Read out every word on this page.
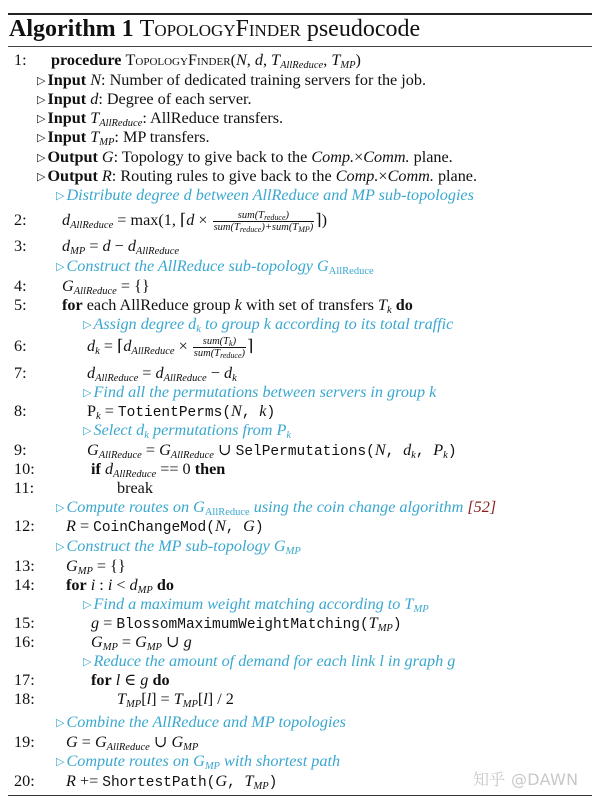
Algorithm 1 TopologyFinder pseudocode
1:	procedure TopologyFinder(N, d, $T_{AllReduce}$, $T_{MP}$)
▷ Input N: Number of dedicated training servers for the job.
▷ Input d: Degree of each server.
▷ Input $T_{AllReduce}$: AllReduce transfers.
▷ Input $T_{MP}$: MP transfers.
▷ Output G: Topology to give back to the Comp.×Comm. plane.
▷ Output R: Routing rules to give back to the Comp.×Comm. plane.
▷ Distribute degree d between AllReduce and MP sub-topologies
2:	$d_{AllReduce} = \max(1$, ⌈d × $\frac{sum(T_{reduce})}{sum(T_{reduce})+sum(T_{MP})}$ ⌉)
3:	$d_{MP} = d - d_{AllReduce}$
▷ Construct the AllReduce sub-topology $G_{AllReduce}$
4:	$G_{AllReduce}$ = {}
5:	for each AllReduce group k with set of transfers $T_k$ do
▷ Assign degree $d_k$ to group k according to its total traffic
6:	$d_k$ = $⌈d_{AllReduce} \times \frac{sum(T_k)}{sum(T_{reduce})}$ ⌉
7:	$d_{AllReduce} = d_{AllReduce} - d_k$
▷ Find all the permutations between servers in group k
8:	$P_k$ = TotientPerms(N, k)
▷ Select $d_k$ permutations from $P_k$
9:	$G_{AllReduce} = G_{AllReduce}$ ∪ SelPermutations(N, $d_k$, $P_k$)
10:	if $d_{AllReduce} == 0$ then
11:	break
▷ Compute routes on $G_{AllReduce}$ using the coin change algorithm [52]
12:	R = CoinChangeMod(N, G)
▷ Construct the MP sub-topology $G_{MP}$
13:	$G_{MP}$ = {}
14:	for i : $i < d_{MP}$ do
▷ Find a maximum weight matching according to $T_{MP}$
15:	$g = BlossomMaximumWeightMatching(T_{MP})$
16:	$G_{MP} = G_{MP}$ ∪ g
▷ Reduce the amount of demand for each link l in graph g
17:	for l ∈ g do
18:	$T_{MP}[l] = T_{MP}[l] / 2$
▷ Combine the AllReduce and MP topologies
19:	$G = G_{AllReduce}$ ∪ $G_{MP}$
▷ Compute routes on $G_{MP}$ with shortest path
20:	R += ShortestPath(G, $T_{MP}$)	知乎 @DAWN
